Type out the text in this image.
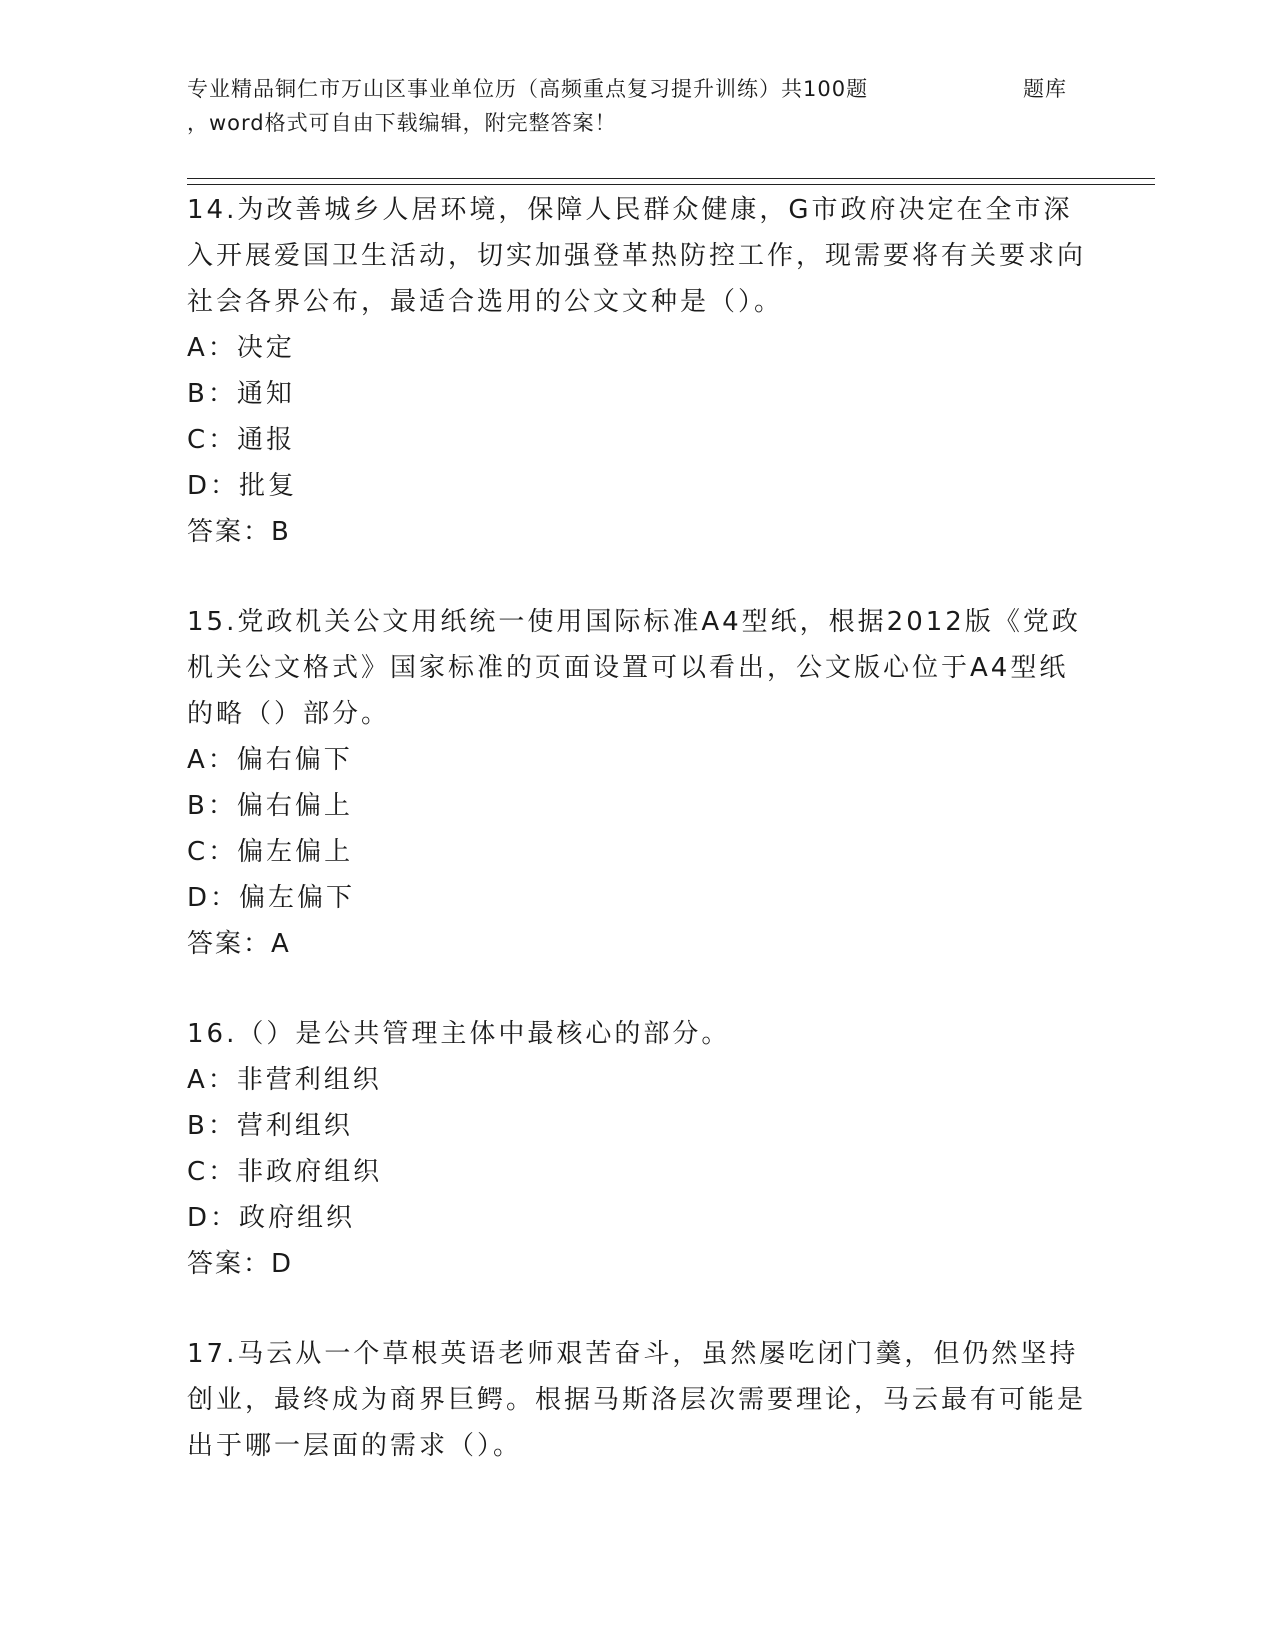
专业精品铜仁市万山区事业单位历（高频重点复习提升训练）共100题	题库
，word格式可自由下载编辑，附完整答案！

14.为改善城乡人居环境，保障人民群众健康，G市政府决定在全市深入开展爱国卫生活动，切实加强登革热防控工作，现需要将有关要求向社会各界公布，最适合选用的公文文种是（）。

A：决定

B：通知

C：通报

D：批复

答案：B

15.党政机关公文用纸统一使用国际标准A4型纸，根据2012版《党政机关公文格式》国家标准的页面设置可以看出，公文版心位于A4型纸的略（）部分。

A：偏右偏下

B：偏右偏上

C：偏左偏上

D：偏左偏下

答案：A

16.（）是公共管理主体中最核心的部分。

A：非营利组织

B：营利组织

C：非政府组织

D：政府组织

答案：D

17.马云从一个草根英语老师艰苦奋斗，虽然屡吃闭门羹，但仍然坚持创业，最终成为商界巨鳄。根据马斯洛层次需要理论，马云最有可能是出于哪一层面的需求（）。
